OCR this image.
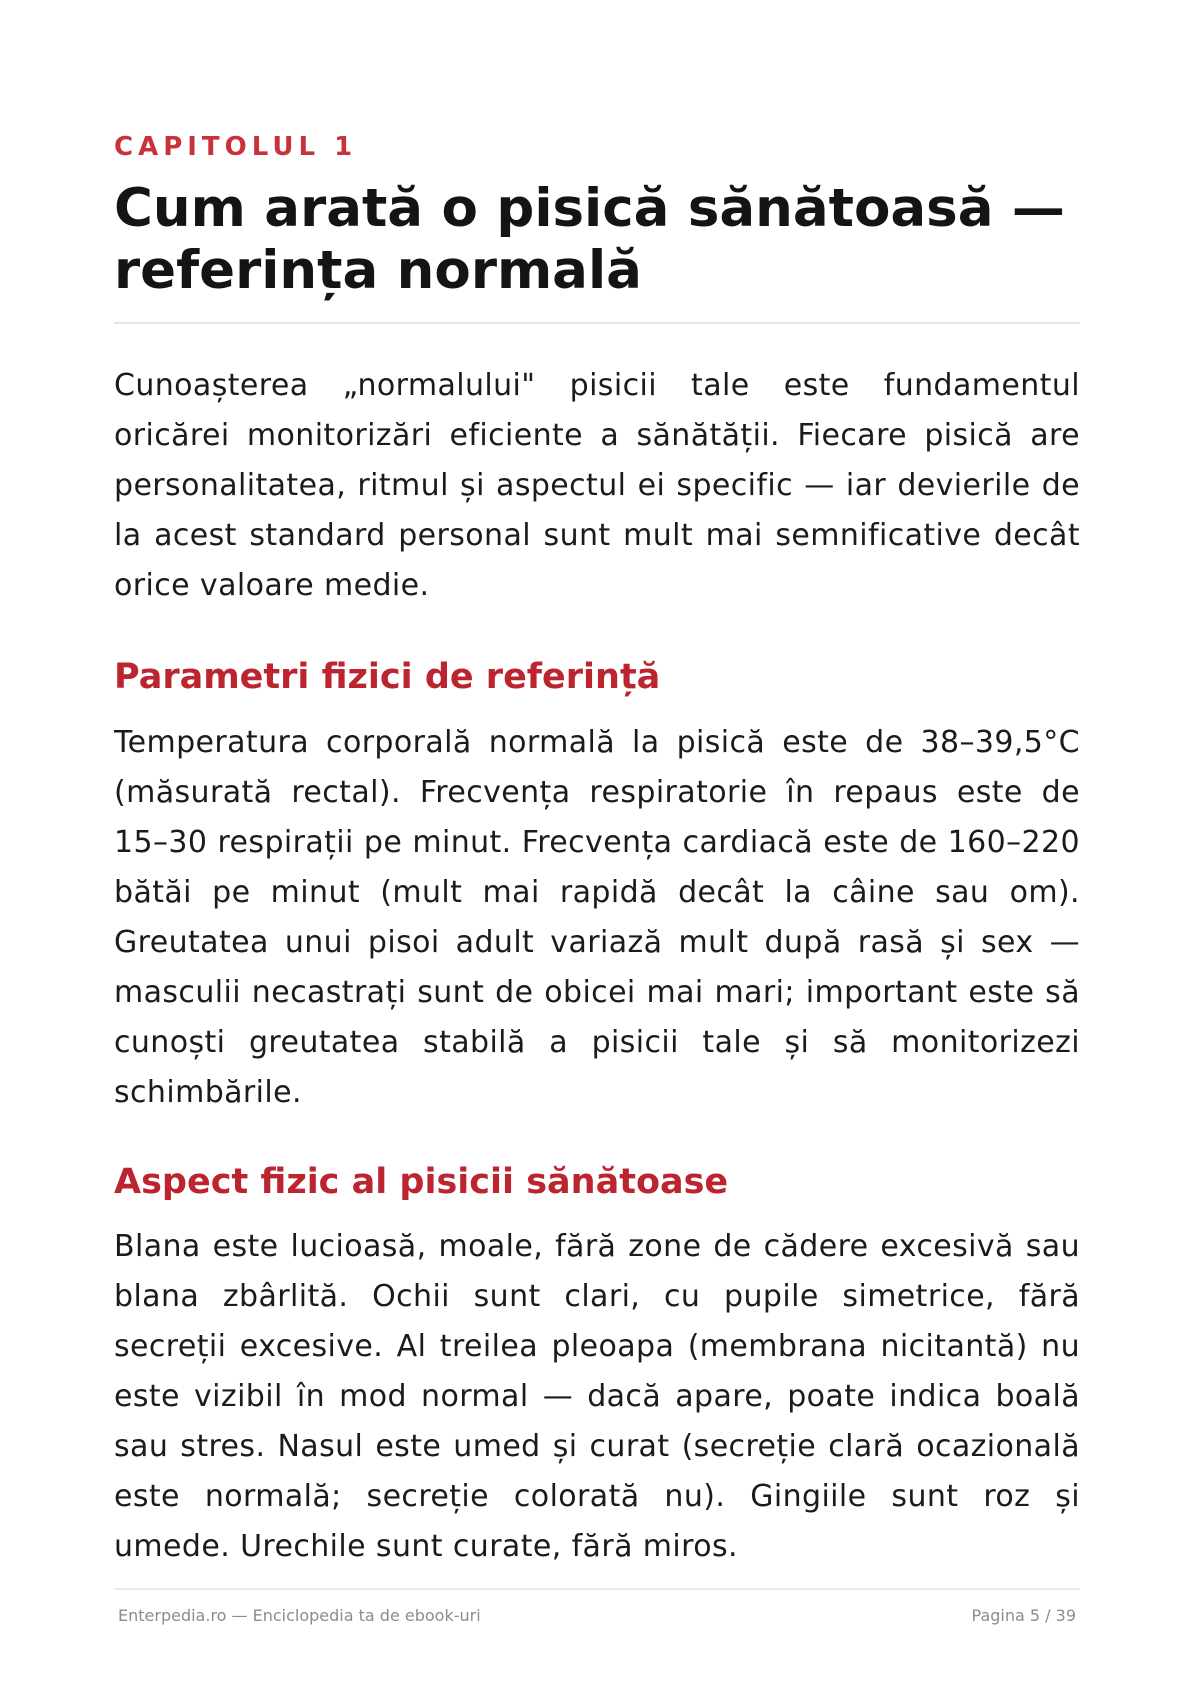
CAPITOLUL 1
Cum arată o pisică sănătoasă — referința normală

Cunoașterea „normalului" pisicii tale este fundamentul oricărei monitorizări eficiente a sănătății. Fiecare pisică are personalitatea, ritmul și aspectul ei specific — iar devierile de la acest standard personal sunt mult mai semnificative decât orice valoare medie.

Parametri fizici de referință

Temperatura corporală normală la pisică este de 38–39,5°C (măsurată rectal). Frecvența respiratorie în repaus este de 15–30 respirații pe minut. Frecvența cardiacă este de 160–220 bătăi pe minut (mult mai rapidă decât la câine sau om). Greutatea unui pisoi adult variază mult după rasă și sex — masculii necastrați sunt de obicei mai mari; important este să cunoști greutatea stabilă a pisicii tale și să monitorizezi schimbările.

Aspect fizic al pisicii sănătoase

Blana este lucioasă, moale, fără zone de cădere excesivă sau blana zbârlită. Ochii sunt clari, cu pupile simetrice, fără secreții excesive. Al treilea pleoapa (membrana nicitantă) nu este vizibil în mod normal — dacă apare, poate indica boală sau stres. Nasul este umed și curat (secreție clară ocazională este normală; secreție colorată nu). Gingiile sunt roz și umede. Urechile sunt curate, fără miros.

Enterpedia.ro — Enciclopedia ta de ebook-uri	Pagina 5 / 39
